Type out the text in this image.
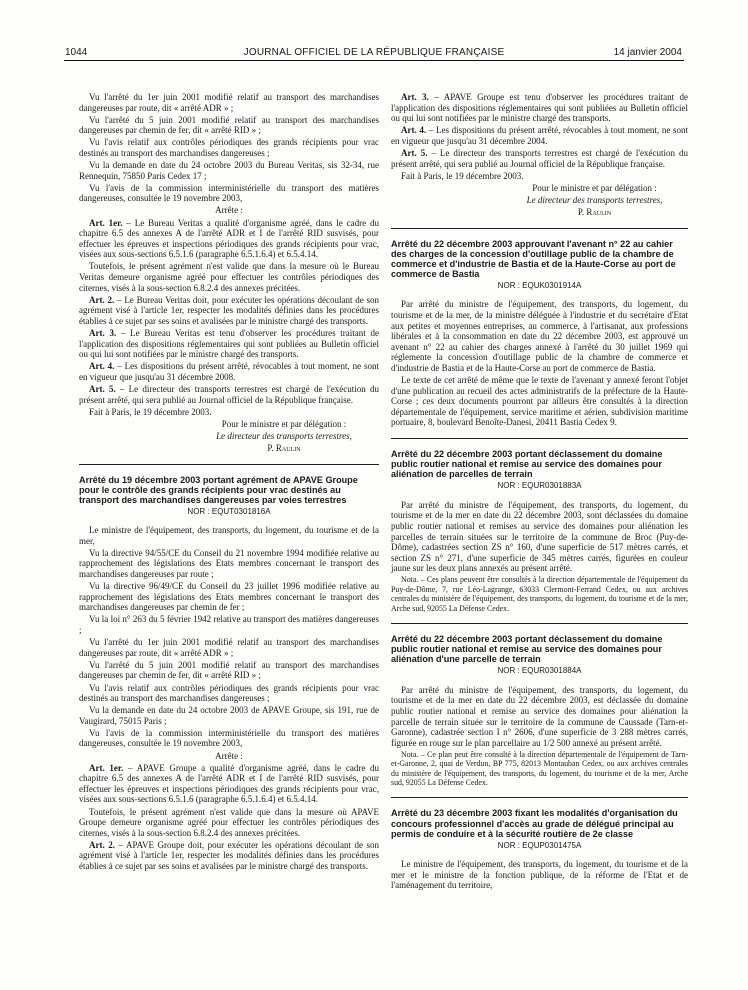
1044	JOURNAL OFFICIEL DE LA RÉPUBLIQUE FRANÇAISE	14 janvier 2004

Vu l'arrêté du 1er juin 2001 modifié relatif au transport des marchandises dangereuses par route, dit « arrêté ADR » ;

Vu l'arrêté du 5 juin 2001 modifié relatif au transport des marchandises dangereuses par chemin de fer, dit « arrêté RID » ;

Vu l'avis relatif aux contrôles périodiques des grands récipients pour vrac destinés au transport des marchandises dangereuses ;

Vu la demande en date du 24 octobre 2003 du Bureau Veritas, sis 32-34, rue Rennequin, 75850 Paris Cedex 17 ;

Vu l'avis de la commission interministérielle du transport des matières dangereuses, consultée le 19 novembre 2003,

Arrête :

Art. 1er. – Le Bureau Veritas a qualité d'organisme agréé, dans le cadre du chapitre 6.5 des annexes A de l'arrêté ADR et I de l'arrêté RID susvisés, pour effectuer les épreuves et inspections périodiques des grands récipients pour vrac, visées aux sous-sections 6.5.1.6 (paragraphe 6.5.1.6.4) et 6.5.4.14.

Toutefois, le présent agrément n'est valide que dans la mesure où le Bureau Veritas demeure organisme agréé pour effectuer les contrôles périodiques des citernes, visés à la sous-section 6.8.2.4 des annexes précitées.

Art. 2. – Le Bureau Veritas doit, pour exécuter les opérations découlant de son agrément visé à l'article 1er, respecter les modalités définies dans les procédures établies à ce sujet par ses soins et avalisées par le ministre chargé des transports.

Art. 3. – Le Bureau Veritas est tenu d'observer les procédures traitant de l'application des dispositions réglementaires qui sont publiées au Bulletin officiel ou qui lui sont notifiées par le ministre chargé des transports.

Art. 4. – Les dispositions du présent arrêté, révocables à tout moment, ne sont en vigueur que jusqu'au 31 décembre 2008.

Art. 5. – Le directeur des transports terrestres est chargé de l'exécution du présent arrêté, qui sera publié au Journal officiel de la République française.

Fait à Paris, le 19 décembre 2003.

Pour le ministre et par délégation :

Le directeur des transports terrestres,

P. Raulin

Arrêté du 19 décembre 2003 portant agrément de APAVE Groupe pour le contrôle des grands récipients pour vrac destinés au transport des marchandises dangereuses par voies terrestres

NOR : EQUT0301816A

Le ministre de l'équipement, des transports, du logement, du tourisme et de la mer,

Vu la directive 94/55/CE du Conseil du 21 novembre 1994 modifiée relative au rapprochement des législations des Etats membres concernant le transport des marchandises dangereuses par route ;

Vu la directive 96/49/CE du Conseil du 23 juillet 1996 modifiée relative au rapprochement des législations des Etats membres concernant le transport des marchandises dangereuses par chemin de fer ;

Vu la loi n° 263 du 5 février 1942 relative au transport des matières dangereuses ;

Vu l'arrêté du 1er juin 2001 modifié relatif au transport des marchandises dangereuses par route, dit « arrêté ADR » ;

Vu l'arrêté du 5 juin 2001 modifié relatif au transport des marchandises dangereuses par chemin de fer, dit « arrêté RID » ;

Vu l'avis relatif aux contrôles périodiques des grands récipients pour vrac destinés au transport des marchandises dangereuses ;

Vu la demande en date du 24 octobre 2003 de APAVE Groupe, sis 191, rue de Vaugirard, 75015 Paris ;

Vu l'avis de la commission interministérielle du transport des matières dangereuses, consultée le 19 novembre 2003,

Arrête :

Art. 1er. – APAVE Groupe a qualité d'organisme agréé, dans le cadre du chapitre 6.5 des annexes A de l'arrêté ADR et I de l'arrêté RID susvisés, pour effectuer les épreuves et inspections périodiques des grands récipients pour vrac, visées aux sous-sections 6.5.1.6 (paragraphe 6.5.1.6.4) et 6.5.4.14.

Toutefois, le présent agrément n'est valide que dans la mesure où APAVE Groupe demeure organisme agréé pour effectuer les contrôles périodiques des citernes, visés à la sous-section 6.8.2.4 des annexes précitées.

Art. 2. – APAVE Groupe doit, pour exécuter les opérations découlant de son agrément visé à l'article 1er, respecter les modalités définies dans les procédures établies à ce sujet par ses soins et avalisées par le ministre chargé des transports.

Art. 3. – APAVE Groupe est tenu d'observer les procédures traitant de l'application des dispositions réglementaires qui sont publiées au Bulletin officiel ou qui lui sont notifiées par le ministre chargé des transports.

Art. 4. – Les dispositions du présent arrêté, révocables à tout moment, ne sont en vigueur que jusqu'au 31 décembre 2004.

Art. 5. – Le directeur des transports terrestres est chargé de l'exécution du présent arrêté, qui sera publié au Journal officiel de la République française.

Fait à Paris, le 19 décembre 2003.

Pour le ministre et par délégation :

Le directeur des transports terrestres,

P. Raulin

Arrêté du 22 décembre 2003 approuvant l'avenant n° 22 au cahier des charges de la concession d'outillage public de la chambre de commerce et d'industrie de Bastia et de la Haute-Corse au port de commerce de Bastia

NOR : EQUK0301914A

Par arrêté du ministre de l'équipement, des transports, du logement, du tourisme et de la mer, de la ministre déléguée à l'industrie et du secrétaire d'Etat aux petites et moyennes entreprises, au commerce, à l'artisanat, aux professions libérales et à la consommation en date du 22 décembre 2003, est approuvé un avenant n° 22 au cahier des charges annexé à l'arrêté du 30 juillet 1969 qui réglemente la concession d'outillage public de la chambre de commerce et d'industrie de Bastia et de la Haute-Corse au port de commerce de Bastia.

Le texte de cet arrêté de même que le texte de l'avenant y annexé feront l'objet d'une publication au recueil des actes administratifs de la préfecture de la Haute-Corse ; ces deux documents pourront par ailleurs être consultés à la direction départementale de l'équipement, service maritime et aérien, subdivision maritime portuaire, 8, boulevard Benoîte-Danesi, 20411 Bastia Cedex 9.

Arrêté du 22 décembre 2003 portant déclassement du domaine public routier national et remise au service des domaines pour aliénation de parcelles de terrain

NOR : EQUR0301883A

Par arrêté du ministre de l'équipement, des transports, du logement, du tourisme et de la mer en date du 22 décembre 2003, sont déclassées du domaine public routier national et remises au service des domaines pour aliénation les parcelles de terrain situées sur le territoire de la commune de Broc (Puy-de-Dôme), cadastrées section ZS n° 160, d'une superficie de 517 mètres carrés, et section ZS n° 271, d'une superficie de 345 mètres carrés, figurées en couleur jaune sur les deux plans annexés au présent arrêté.

Nota. – Ces plans peuvent être consultés à la direction départementale de l'équipement du Puy-de-Dôme, 7, rue Léo-Lagrange, 63033 Clermont-Ferrand Cedex, ou aux archives centrales du ministère de l'équipement, des transports, du logement, du tourisme et de la mer, Arche sud, 92055 La Défense Cedex.

Arrêté du 22 décembre 2003 portant déclassement du domaine public routier national et remise au service des domaines pour aliénation d'une parcelle de terrain

NOR : EQUR0301884A

Par arrêté du ministre de l'équipement, des transports, du logement, du tourisme et de la mer en date du 22 décembre 2003, est déclassée du domaine public routier national et remise au service des domaines pour aliénation la parcelle de terrain située sur le territoire de la commune de Caussade (Tarn-et-Garonne), cadastrée section I n° 2606, d'une superficie de 3 288 mètres carrés, figurée en rouge sur le plan parcellaire au 1/2 500 annexé au présent arrêté.

Nota. – Ce plan peut être consulté à la direction départementale de l'équipement de Tarn-et-Garonne, 2, quai de Verdun, BP 775, 82013 Montauban Cedex, ou aux archives centrales du ministère de l'équipement, des transports, du logement, du tourisme et de la mer, Arche sud, 92055 La Défense Cedex.

Arrêté du 23 décembre 2003 fixant les modalités d'organisation du concours professionnel d'accès au grade de délégué principal au permis de conduire et à la sécurité routière de 2e classe

NOR : EQUP0301475A

Le ministre de l'équipement, des transports, du logement, du tourisme et de la mer et le ministre de la fonction publique, de la réforme de l'Etat et de l'aménagement du territoire,
